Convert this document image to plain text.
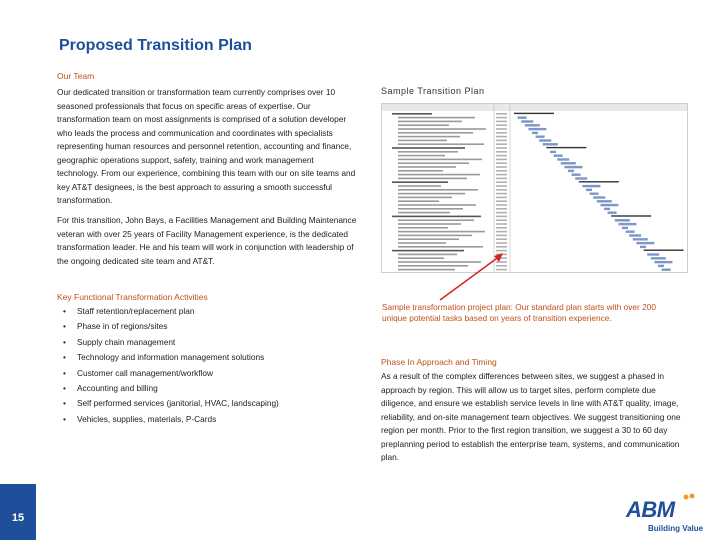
Proposed Transition Plan
Our Team
Our dedicated transition or transformation team currently comprises over 10 seasoned professionals that focus on specific areas of expertise. Our transformation team on most assignments is comprised of a solution developer who leads the process and communication and coordinates with specialists representing human resources and personnel retention, accounting and finance, geographic operations support, safety, training and work management technology. From our experience, combining this team with our on site teams and key AT&T designees, is the best approach to assuring a smooth successful transformation.
For this transition, John Bays, a Facilities Management and Building Maintenance veteran with over 25 years of Facility Management experience, is the dedicated transformation leader. He and his team will work in conjunction with leadership of the ongoing dedicated site team and AT&T.
Key Functional Transformation Activities
• Staff retention/replacement plan
• Phase in of regions/sites
• Supply chain management
• Technology and information management solutions
• Customer call management/workflow
• Accounting and billing
• Self performed services (janitorial, HVAC, landscaping)
• Vehicles, supplies, materials, P-Cards
Sample Transition Plan
Sample transformation project plan: Our standard plan starts with over 200 unique potential tasks based on years of transition experience.
Phase In Approach and Timing
As a result of the complex differences between sites, we suggest a phased in approach by region. This will allow us to target sites, perform complete due diligence, and ensure we establish service levels in line with AT&T quality, image, reliability, and on-site management team objectives. We suggest transitioning one region per month. Prior to the first region transition, we suggest a 30 to 60 day preplanning period to establish the enterprise team, systems, and communication plan.
15	ABM
Building Value
